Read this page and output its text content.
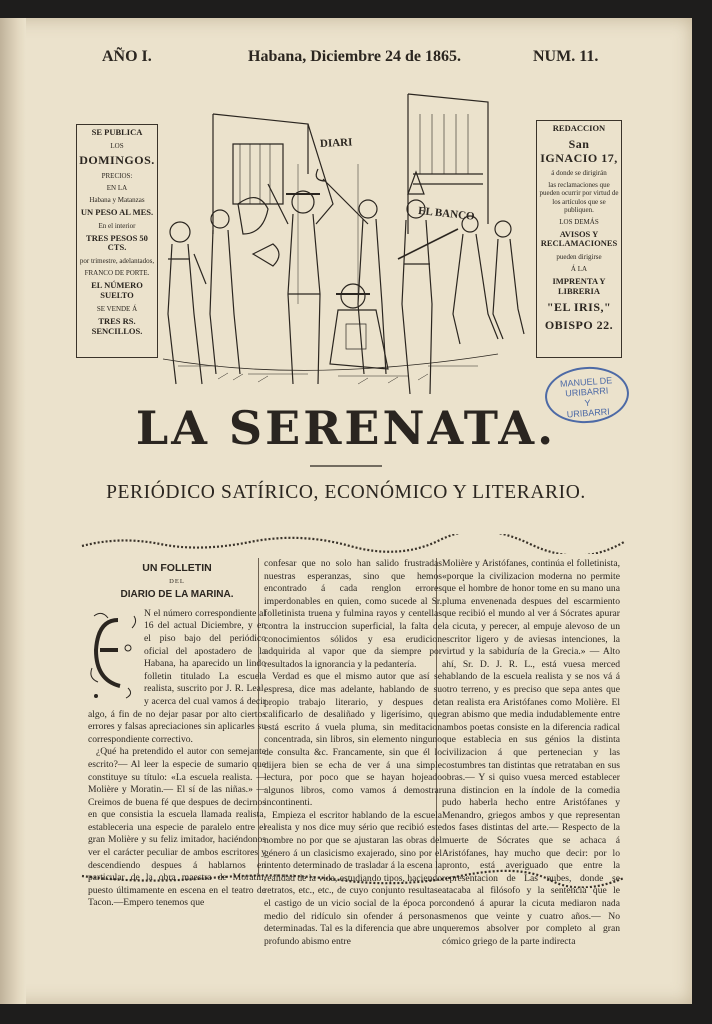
AÑO I.	Habana, Diciembre 24 de 1865.	NUM. 11.
SE PUBLICA
LOS
DOMINGOS.
PRECIOS:
EN LA
Habana y Matanzas
UN PESO AL MES.
En el interior
TRES PESOS 50 CTS.
por trimestre, adelantados,
FRANCO DE PORTE.
EL NÚMERO SUELTO
SE VENDE Á
TRES RS. SENCILLOS.
REDACCION
San IGNACIO 17,
á donde se dirigirán
las reclamaciones que pueden ocurrir por virtud de los artículos que se publiquen.
LOS DEMÁS
AVISOS Y RECLAMACIONES
pueden dirigirse
Á LA
IMPRENTA Y LIBRERIA
"EL IRIS,"
OBISPO 22.
DIARI
EL BANCO
MANUEL DE URIBARRI
Y
URIBARRI
LA SERENATA.
PERIÓDICO SATÍRICO, ECONÓMICO Y LITERARIO.
UN FOLLETIN
DEL
DIARIO DE LA MARINA.

N el número correspondiente al 16 del actual Diciembre, y en el piso bajo del periódico oficial del apostadero de la Habana, ha aparecido un lindo folletin titulado La escuela realista, suscrito por J. R. Leal, y acerca del cual vamos á decir algo, á fin de no dejar pasar por alto ciertos errores y falsas apreciaciones sin aplicarles su correspondiente correctivo.

¿Qué ha pretendido el autor con semejante escrito?— Al leer la especie de sumario que constituye su título: «La escuela realista. —Molière y Moratin.— El sí de las niñas.» — Creimos de buena fé que despues de decirnos en que consistia la escuela llamada realista, estableceria una especie de paralelo entre el gran Molière y su feliz imitador, haciéndonos ver el carácter peculiar de ambos escritores y descendiendo despues á hablarnos en particular de la obra maestra de Moratin, puesto últimamente en escena en el teatro de Tacon.—Empero tenemos que

confesar que no solo han salido frustradas nuestras esperanzas, sino que hemos encontrado á cada renglon errores imperdonables en quien, como sucede al Sr. folletinista truena y fulmina rayos y centellas contra la instruccion superficial, la falta de conocimientos sólidos y esa erudicion adquirida al vapor que da siempre por resultados la ignorancia y la pedantería.

Verdad es que el mismo autor que así se espresa, dice mas adelante, hablando de su propio trabajo literario, y despues de calificarlo de desaliñado y ligerísimo, que está escrito á vuela pluma, sin meditacion concentrada, sin libros, sin elemento ninguno de consulta &c. Francamente, sin que él lo dijera bien se echa de ver á una simple lectura, por poco que se hayan hojeado algunos libros, como vamos á demostrar incontinenti.

Empieza el escritor hablando de la escuela realista y nos dice muy sério que recibió este nombre no por que se ajustaran las obras del género á un clasicismo exajerado, sino por el intento determinado de trasladar á la escena la realidad de la vida, estudiando tipos, haciendo retratos, etc., etc., de cuyo conjunto resultase el castigo de un vicio social de la época por medio del ridículo sin ofender á personas determinadas. Tal es la diferencia que abre un profundo abismo entre

Molière y Aristófanes, continúa el folletinista, «porque la civilizacion moderna no permite que el hombre de honor tome en su mano una pluma envenenada despues del escarmiento que recibió el mundo al ver á Sócrates apurar la cicuta, y perecer, al empuje alevoso de un escritor ligero y de aviesas intenciones, la virtud y la sabiduría de la Grecia.» — Alto ahí, Sr. D. J. R. L., está vuesa merced hablando de la escuela realista y se nos vá á otro terreno, y es preciso que sepa antes que tan realista era Aristófanes como Molière. El gran abismo que media indudablemente entre ambos poetas consiste en la diferencia radical que establecia en sus génios la distinta civilizacion á que pertenecian y las costumbres tan distintas que retrataban en sus obras.— Y si quiso vuesa merced establecer una distincion en la índole de la comedia pudo haberla hecho entre Aristófanes y Menandro, griegos ambos y que representan dos fases distintas del arte.— Respecto de la muerte de Sócrates que se achaca á Aristófanes, hay mucho que decir: por lo pronto, está averiguado que entre la representacion de Las nubes, donde se atacaba al filósofo y la sentencia que le condenó á apurar la cicuta mediaron nada menos que veinte y cuatro años.— No queremos absolver por completo al gran cómico griego de la parte indirecta
